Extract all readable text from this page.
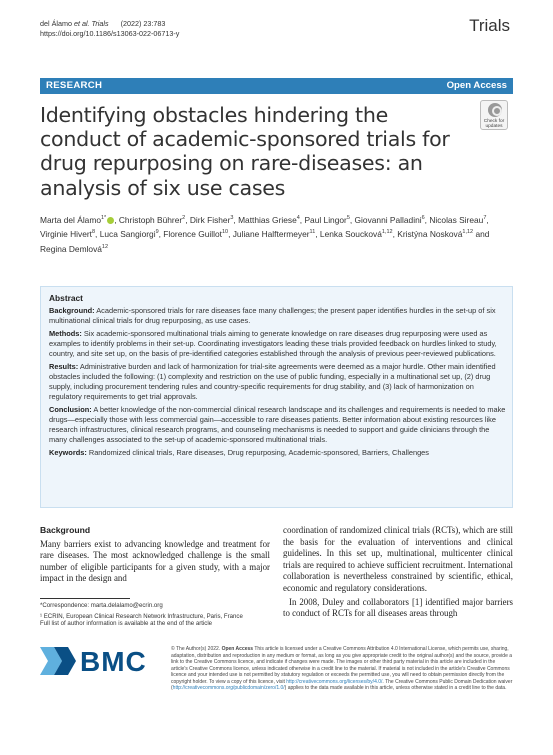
del Álamo et al. Trials (2022) 23:783
https://doi.org/10.1186/s13063-022-06713-y	Trials
RESEARCH	Open Access
Identifying obstacles hindering the conduct of academic-sponsored trials for drug repurposing on rare-diseases: an analysis of six use cases
Check for
updates
Marta del Álamo$^{1*}$ , Christoph Bührer$^2$, Dirk Fisher$^3$, Matthias Griese$^4$, Paul Lingor$^5$, Giovanni Palladini$^6$, Nicolas Sireau$^7$, Virginie Hivert$^8$, Luca Sangiorgi$^9$, Florence Guillot$^{10}$, Juliane Halftermeyer$^{11}$, Lenka Soucková$^{1,12}$, Kristýna Nosková$^{1,12}$ and Regina Demlová$^{12}$
Abstract

Background: Academic-sponsored trials for rare diseases face many challenges; the present paper identifies hurdles in the set-up of six multinational clinical trials for drug repurposing, as use cases.

Methods: Six academic-sponsored multinational trials aiming to generate knowledge on rare diseases drug repurposing were used as examples to identify problems in their set-up. Coordinating investigators leading these trials provided feedback on hurdles linked to study, country, and site set up, on the basis of pre-identified categories established through the analysis of previous peer-reviewed publications.

Results: Administrative burden and lack of harmonization for trial-site agreements were deemed as a major hurdle. Other main identified obstacles included the following: (1) complexity and restriction on the use of public funding, especially in a multinational set up, (2) drug supply, including procurement tendering rules and country-specific requirements for drug stability, and (3) lack of harmonization on regulatory requirements to get trial approvals.

Conclusion: A better knowledge of the non-commercial clinical research landscape and its challenges and requirements is needed to make drugs—especially those with less commercial gain—accessible to rare diseases patients. Better information about existing resources like research infrastructures, clinical research programs, and counseling mechanisms is needed to support and guide clinicians through the many challenges associated to the set-up of academic-sponsored multinational trials.

Keywords: Randomized clinical trials, Rare diseases, Drug repurposing, Academic-sponsored, Barriers, Challenges

Background

Many barriers exist to advancing knowledge and treatment for rare diseases. The most acknowledged challenge is the small number of eligible participants for a given study, with a major impact in the design and

coordination of randomized clinical trials (RCTs), which are still the basis for the evaluation of interventions and clinical guidelines. In this set up, multinational, multicenter clinical trials are required to achieve sufficient recruitment. International collaboration is nevertheless constrained by scientific, ethical, economic and regulatory considerations.

In 2008, Duley and collaborators [1] identified major barriers to conduct of RCTs for all diseases areas through

*Correspondence: marta.delalamo@ecrin.org

¹ ECRIN, European Clinical Research Network Infrastructure, Paris, France
Full list of author information is available at the end of the article

BMC	© The Author(s) 2022. Open Access This article is licensed under a Creative Commons Attribution 4.0 International License, which permits use, sharing, adaptation, distribution and reproduction in any medium or format, as long as you give appropriate credit to the original author(s) and the source, provide a link to the Creative Commons licence, and indicate if changes were made. The images or other third party material in this article are included in the article's Creative Commons licence, unless indicated otherwise in a credit line to the material. If material is not included in the article's Creative Commons licence and your intended use is not permitted by statutory regulation or exceeds the permitted use, you will need to obtain permission directly from the copyright holder. To view a copy of this licence, visit http://creativecommons.org/licenses/by/4.0/. The Creative Commons Public Domain Dedication waiver (http://creativecommons.org/publicdomain/zero/1.0/) applies to the data made available in this article, unless otherwise stated in a credit line to the data.
